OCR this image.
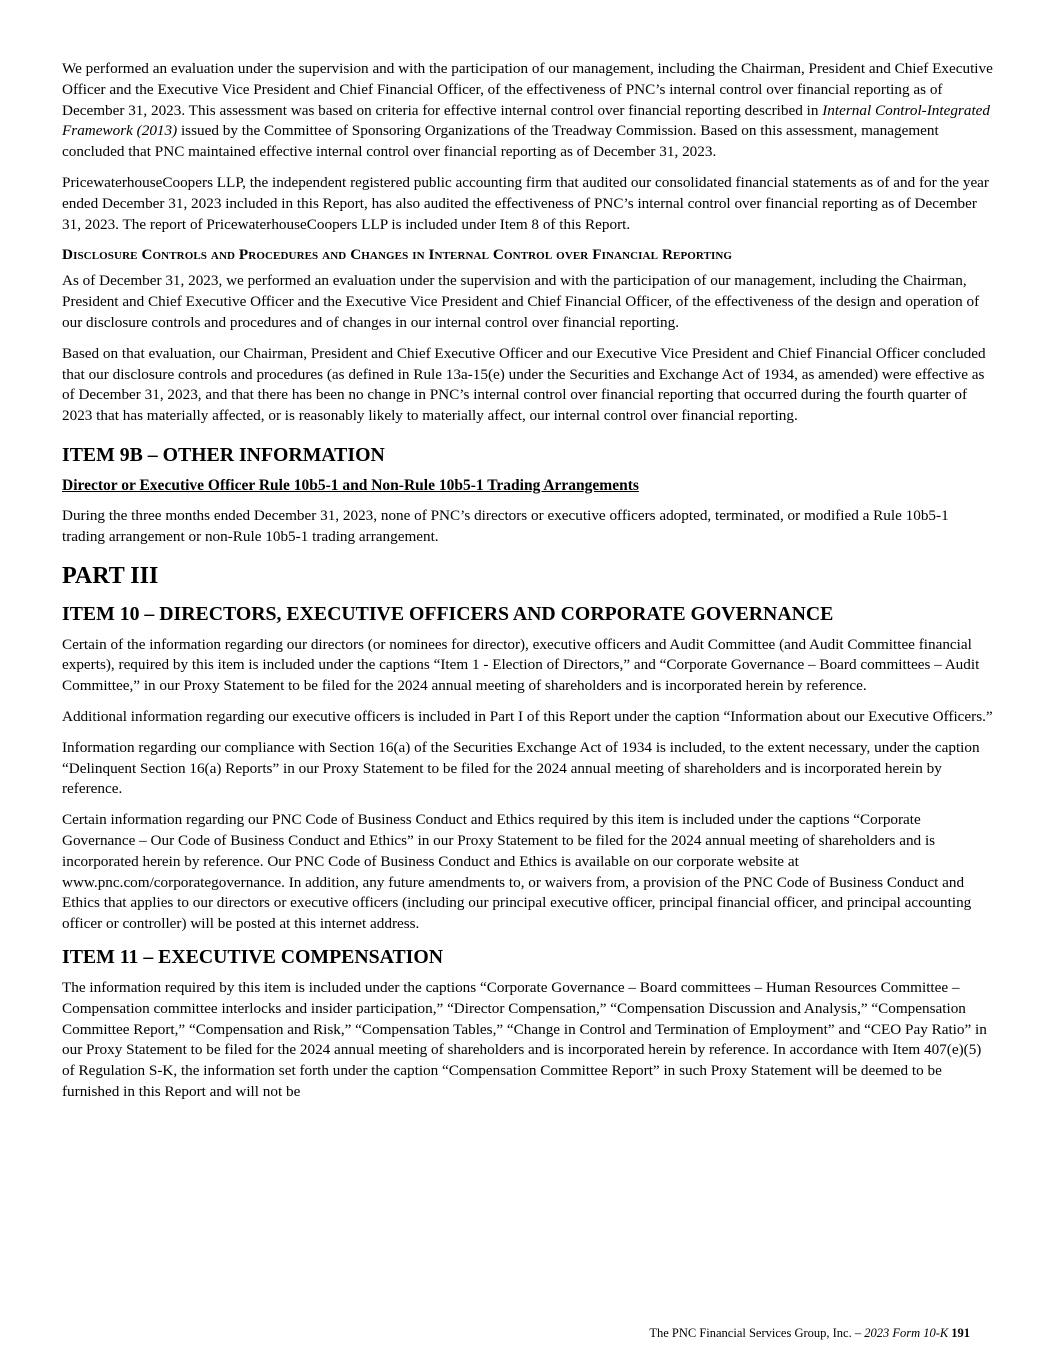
We performed an evaluation under the supervision and with the participation of our management, including the Chairman, President and Chief Executive Officer and the Executive Vice President and Chief Financial Officer, of the effectiveness of PNC’s internal control over financial reporting as of December 31, 2023. This assessment was based on criteria for effective internal control over financial reporting described in Internal Control-Integrated Framework (2013) issued by the Committee of Sponsoring Organizations of the Treadway Commission. Based on this assessment, management concluded that PNC maintained effective internal control over financial reporting as of December 31, 2023.

PricewaterhouseCoopers LLP, the independent registered public accounting firm that audited our consolidated financial statements as of and for the year ended December 31, 2023 included in this Report, has also audited the effectiveness of PNC’s internal control over financial reporting as of December 31, 2023. The report of PricewaterhouseCoopers LLP is included under Item 8 of this Report.

Disclosure Controls and Procedures and Changes in Internal Control over Financial Reporting

As of December 31, 2023, we performed an evaluation under the supervision and with the participation of our management, including the Chairman, President and Chief Executive Officer and the Executive Vice President and Chief Financial Officer, of the effectiveness of the design and operation of our disclosure controls and procedures and of changes in our internal control over financial reporting.

Based on that evaluation, our Chairman, President and Chief Executive Officer and our Executive Vice President and Chief Financial Officer concluded that our disclosure controls and procedures (as defined in Rule 13a-15(e) under the Securities and Exchange Act of 1934, as amended) were effective as of December 31, 2023, and that there has been no change in PNC’s internal control over financial reporting that occurred during the fourth quarter of 2023 that has materially affected, or is reasonably likely to materially affect, our internal control over financial reporting.

ITEM 9B – OTHER INFORMATION
Director or Executive Officer Rule 10b5-1 and Non-Rule 10b5-1 Trading Arrangements

During the three months ended December 31, 2023, none of PNC’s directors or executive officers adopted, terminated, or modified a Rule 10b5-1 trading arrangement or non-Rule 10b5-1 trading arrangement.

PART III
ITEM 10 – DIRECTORS, EXECUTIVE OFFICERS AND CORPORATE GOVERNANCE

Certain of the information regarding our directors (or nominees for director), executive officers and Audit Committee (and Audit Committee financial experts), required by this item is included under the captions “Item 1 - Election of Directors,” and “Corporate Governance – Board committees – Audit Committee,” in our Proxy Statement to be filed for the 2024 annual meeting of shareholders and is incorporated herein by reference.

Additional information regarding our executive officers is included in Part I of this Report under the caption “Information about our Executive Officers.”

Information regarding our compliance with Section 16(a) of the Securities Exchange Act of 1934 is included, to the extent necessary, under the caption “Delinquent Section 16(a) Reports” in our Proxy Statement to be filed for the 2024 annual meeting of shareholders and is incorporated herein by reference.

Certain information regarding our PNC Code of Business Conduct and Ethics required by this item is included under the captions “Corporate Governance – Our Code of Business Conduct and Ethics” in our Proxy Statement to be filed for the 2024 annual meeting of shareholders and is incorporated herein by reference. Our PNC Code of Business Conduct and Ethics is available on our corporate website at www.pnc.com/corporategovernance. In addition, any future amendments to, or waivers from, a provision of the PNC Code of Business Conduct and Ethics that applies to our directors or executive officers (including our principal executive officer, principal financial officer, and principal accounting officer or controller) will be posted at this internet address.

ITEM 11 – EXECUTIVE COMPENSATION

The information required by this item is included under the captions “Corporate Governance – Board committees – Human Resources Committee – Compensation committee interlocks and insider participation,” “Director Compensation,” “Compensation Discussion and Analysis,” “Compensation Committee Report,” “Compensation and Risk,” “Compensation Tables,” “Change in Control and Termination of Employment” and “CEO Pay Ratio” in our Proxy Statement to be filed for the 2024 annual meeting of shareholders and is incorporated herein by reference. In accordance with Item 407(e)(5) of Regulation S-K, the information set forth under the caption “Compensation Committee Report” in such Proxy Statement will be deemed to be furnished in this Report and will not be

The PNC Financial Services Group, Inc. – 2023 Form 10-K 191
